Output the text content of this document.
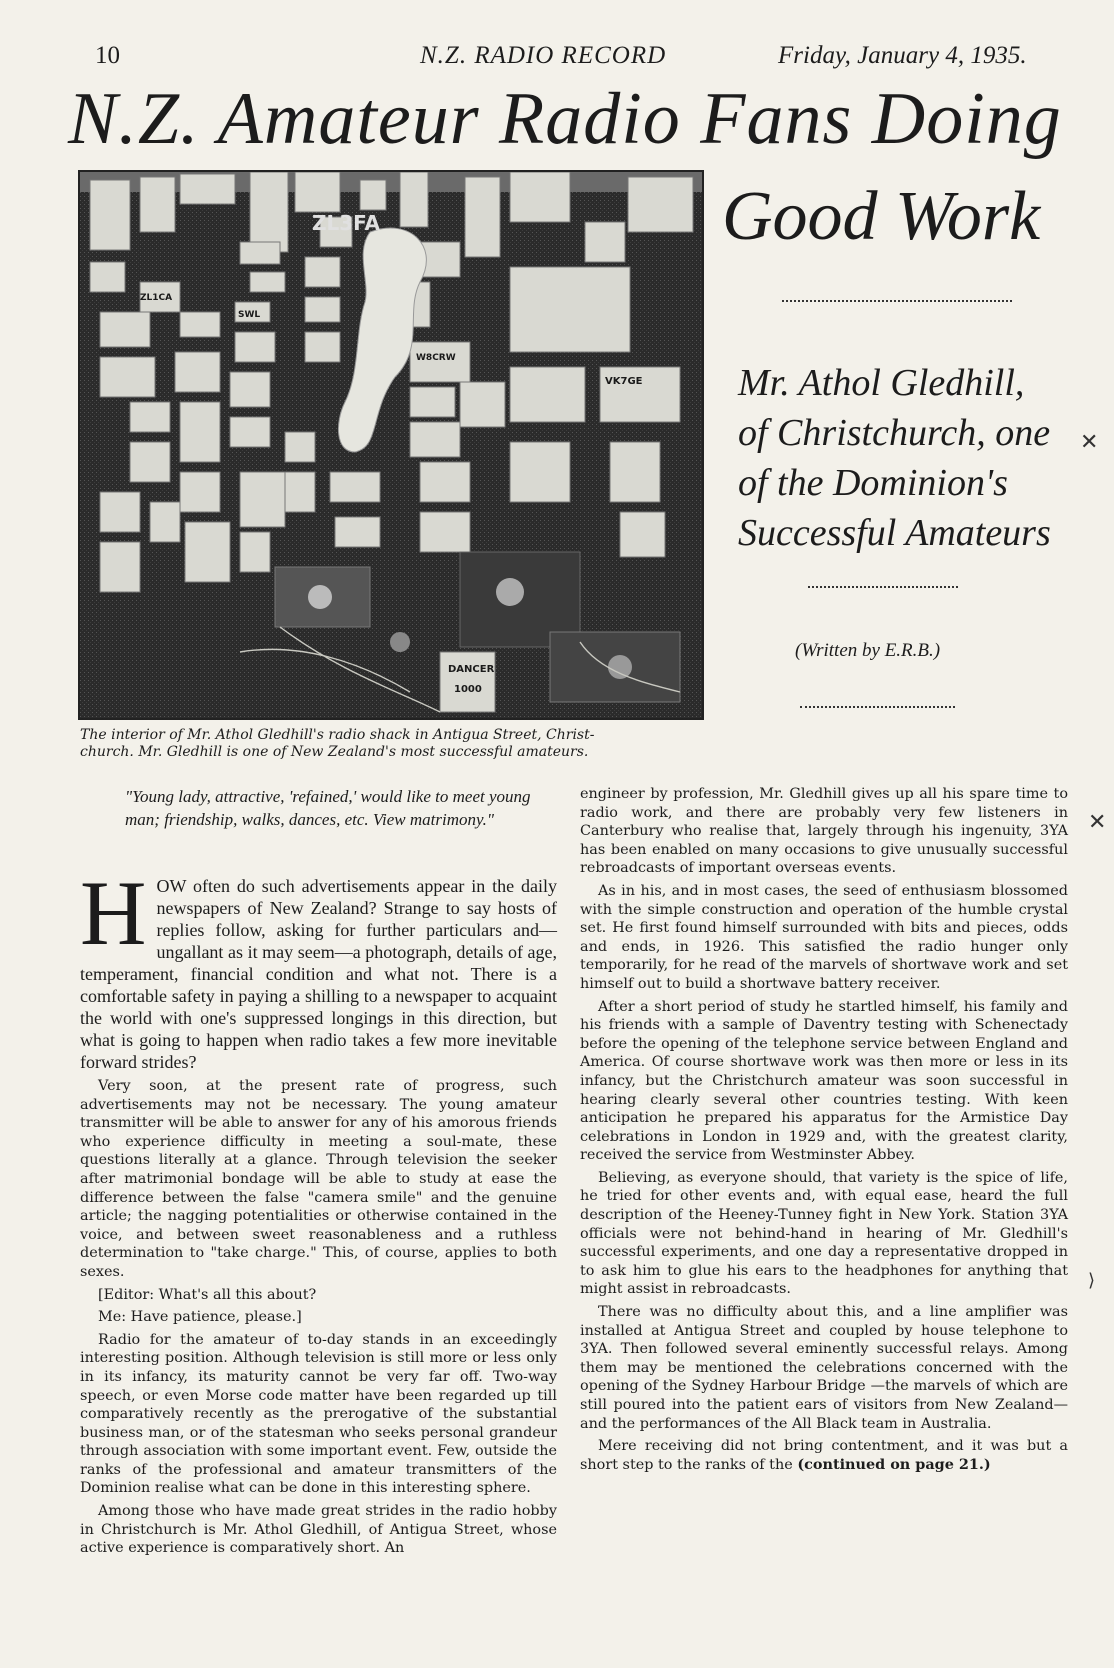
10	N.Z. RADIO RECORD	Friday, January 4, 1935.
N.Z. Amateur Radio Fans Doing
Good Work
Mr. Athol Gledhill,
of Christchurch, one
of the Dominion's
Successful Amateurs
(Written by E.R.B.)
ZL3FA
SWL
W8CRW
VK7GE
ZL1CA
DANCER
1000
The interior of Mr. Athol Gledhill's radio shack in Antigua Street, Christ-
church. Mr. Gledhill is one of New Zealand's most successful amateurs.
"Young lady, attractive, 'refained,' would like to meet young man; friendship, walks, dances, etc. View matrimony."

HOW often do such advertisements appear in the daily newspapers of New Zealand? Strange to say hosts of replies follow, asking for further particulars and—ungallant as it may seem—a photograph, details of age, temperament, financial condition and what not. There is a comfortable safety in paying a shilling to a newspaper to acquaint the world with one's suppressed longings in this direction, but what is going to happen when radio takes a few more inevitable forward strides?

Very soon, at the present rate of progress, such advertisements may not be necessary. The young amateur transmitter will be able to answer for any of his amorous friends who experience difficulty in meeting a soul-mate, these questions literally at a glance. Through television the seeker after matrimonial bondage will be able to study at ease the difference between the false "camera smile" and the genuine article; the nagging potentialities or otherwise contained in the voice, and between sweet reasonableness and a ruthless determination to "take charge." This, of course, applies to both sexes.

[Editor: What's all this about?

Me: Have patience, please.]

Radio for the amateur of to-day stands in an exceedingly interesting position. Although television is still more or less only in its infancy, its maturity cannot be very far off. Two-way speech, or even Morse code matter have been regarded up till comparatively recently as the prerogative of the substantial business man, or of the statesman who seeks personal grandeur through association with some important event. Few, outside the ranks of the professional and amateur transmitters of the Dominion realise what can be done in this interesting sphere.

Among those who have made great strides in the radio hobby in Christchurch is Mr. Athol Gledhill, of Antigua Street, whose active experience is comparatively short. An

engineer by profession, Mr. Gledhill gives up all his spare time to radio work, and there are probably very few listeners in Canterbury who realise that, largely through his ingenuity, 3YA has been enabled on many occasions to give unusually successful rebroadcasts of important overseas events.

As in his, and in most cases, the seed of enthusiasm blossomed with the simple construction and operation of the humble crystal set. He first found himself surrounded with bits and pieces, odds and ends, in 1926. This satisfied the radio hunger only temporarily, for he read of the marvels of shortwave work and set himself out to build a shortwave battery receiver.

After a short period of study he startled himself, his family and his friends with a sample of Daventry testing with Schenectady before the opening of the telephone service between England and America. Of course shortwave work was then more or less in its infancy, but the Christchurch amateur was soon successful in hearing clearly several other countries testing. With keen anticipation he prepared his apparatus for the Armistice Day celebrations in London in 1929 and, with the greatest clarity, received the service from Westminster Abbey.

Believing, as everyone should, that variety is the spice of life, he tried for other events and, with equal ease, heard the full description of the Heeney-Tunney fight in New York. Station 3YA officials were not behind-hand in hearing of Mr. Gledhill's successful experiments, and one day a representative dropped in to ask him to glue his ears to the headphones for anything that might assist in rebroadcasts.

There was no difficulty about this, and a line amplifier was installed at Antigua Street and coupled by house telephone to 3YA. Then followed several eminently successful relays. Among them may be mentioned the celebrations concerned with the opening of the Sydney Harbour Bridge —the marvels of which are still poured into the patient ears of visitors from New Zealand—and the performances of the All Black team in Australia.

Mere receiving did not bring contentment, and it was but a short step to the ranks of the (continued on page 21.)

✕
✕
⟩
